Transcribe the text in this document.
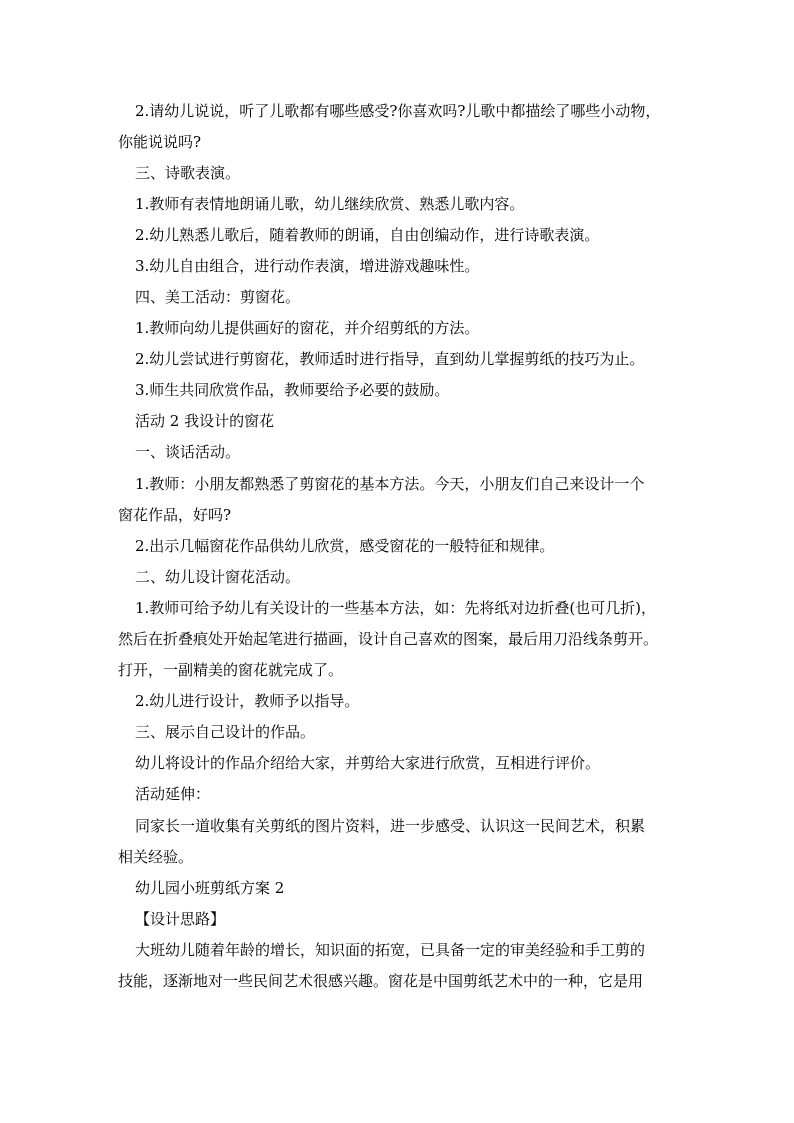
2.请幼儿说说，听了儿歌都有哪些感受?你喜欢吗?儿歌中都描绘了哪些小动物，
你能说说吗?
三、诗歌表演。
1.教师有表情地朗诵儿歌，幼儿继续欣赏、熟悉儿歌内容。
2.幼儿熟悉儿歌后，随着教师的朗诵，自由创编动作，进行诗歌表演。
3.幼儿自由组合，进行动作表演，增进游戏趣味性。
四、美工活动：剪窗花。
1.教师向幼儿提供画好的窗花，并介绍剪纸的方法。
2.幼儿尝试进行剪窗花，教师适时进行指导，直到幼儿掌握剪纸的技巧为止。
3.师生共同欣赏作品，教师要给予必要的鼓励。
活动 2 我设计的窗花
一、谈话活动。
1.教师：小朋友都熟悉了剪窗花的基本方法。今天，小朋友们自己来设计一个
窗花作品，好吗?
2.出示几幅窗花作品供幼儿欣赏，感受窗花的一般特征和规律。
二、幼儿设计窗花活动。
1.教师可给予幼儿有关设计的一些基本方法，如：先将纸对边折叠(也可几折)，
然后在折叠痕处开始起笔进行描画，设计自己喜欢的图案，最后用刀沿线条剪开。
打开，一副精美的窗花就完成了。
2.幼儿进行设计，教师予以指导。
三、展示自己设计的作品。
幼儿将设计的作品介绍给大家，并剪给大家进行欣赏，互相进行评价。
活动延伸：
同家长一道收集有关剪纸的图片资料，进一步感受、认识这一民间艺术，积累
相关经验。
幼儿园小班剪纸方案 2
【设计思路】
大班幼儿随着年龄的增长，知识面的拓宽，已具备一定的审美经验和手工剪的
技能，逐渐地对一些民间艺术很感兴趣。窗花是中国剪纸艺术中的一种，它是用
